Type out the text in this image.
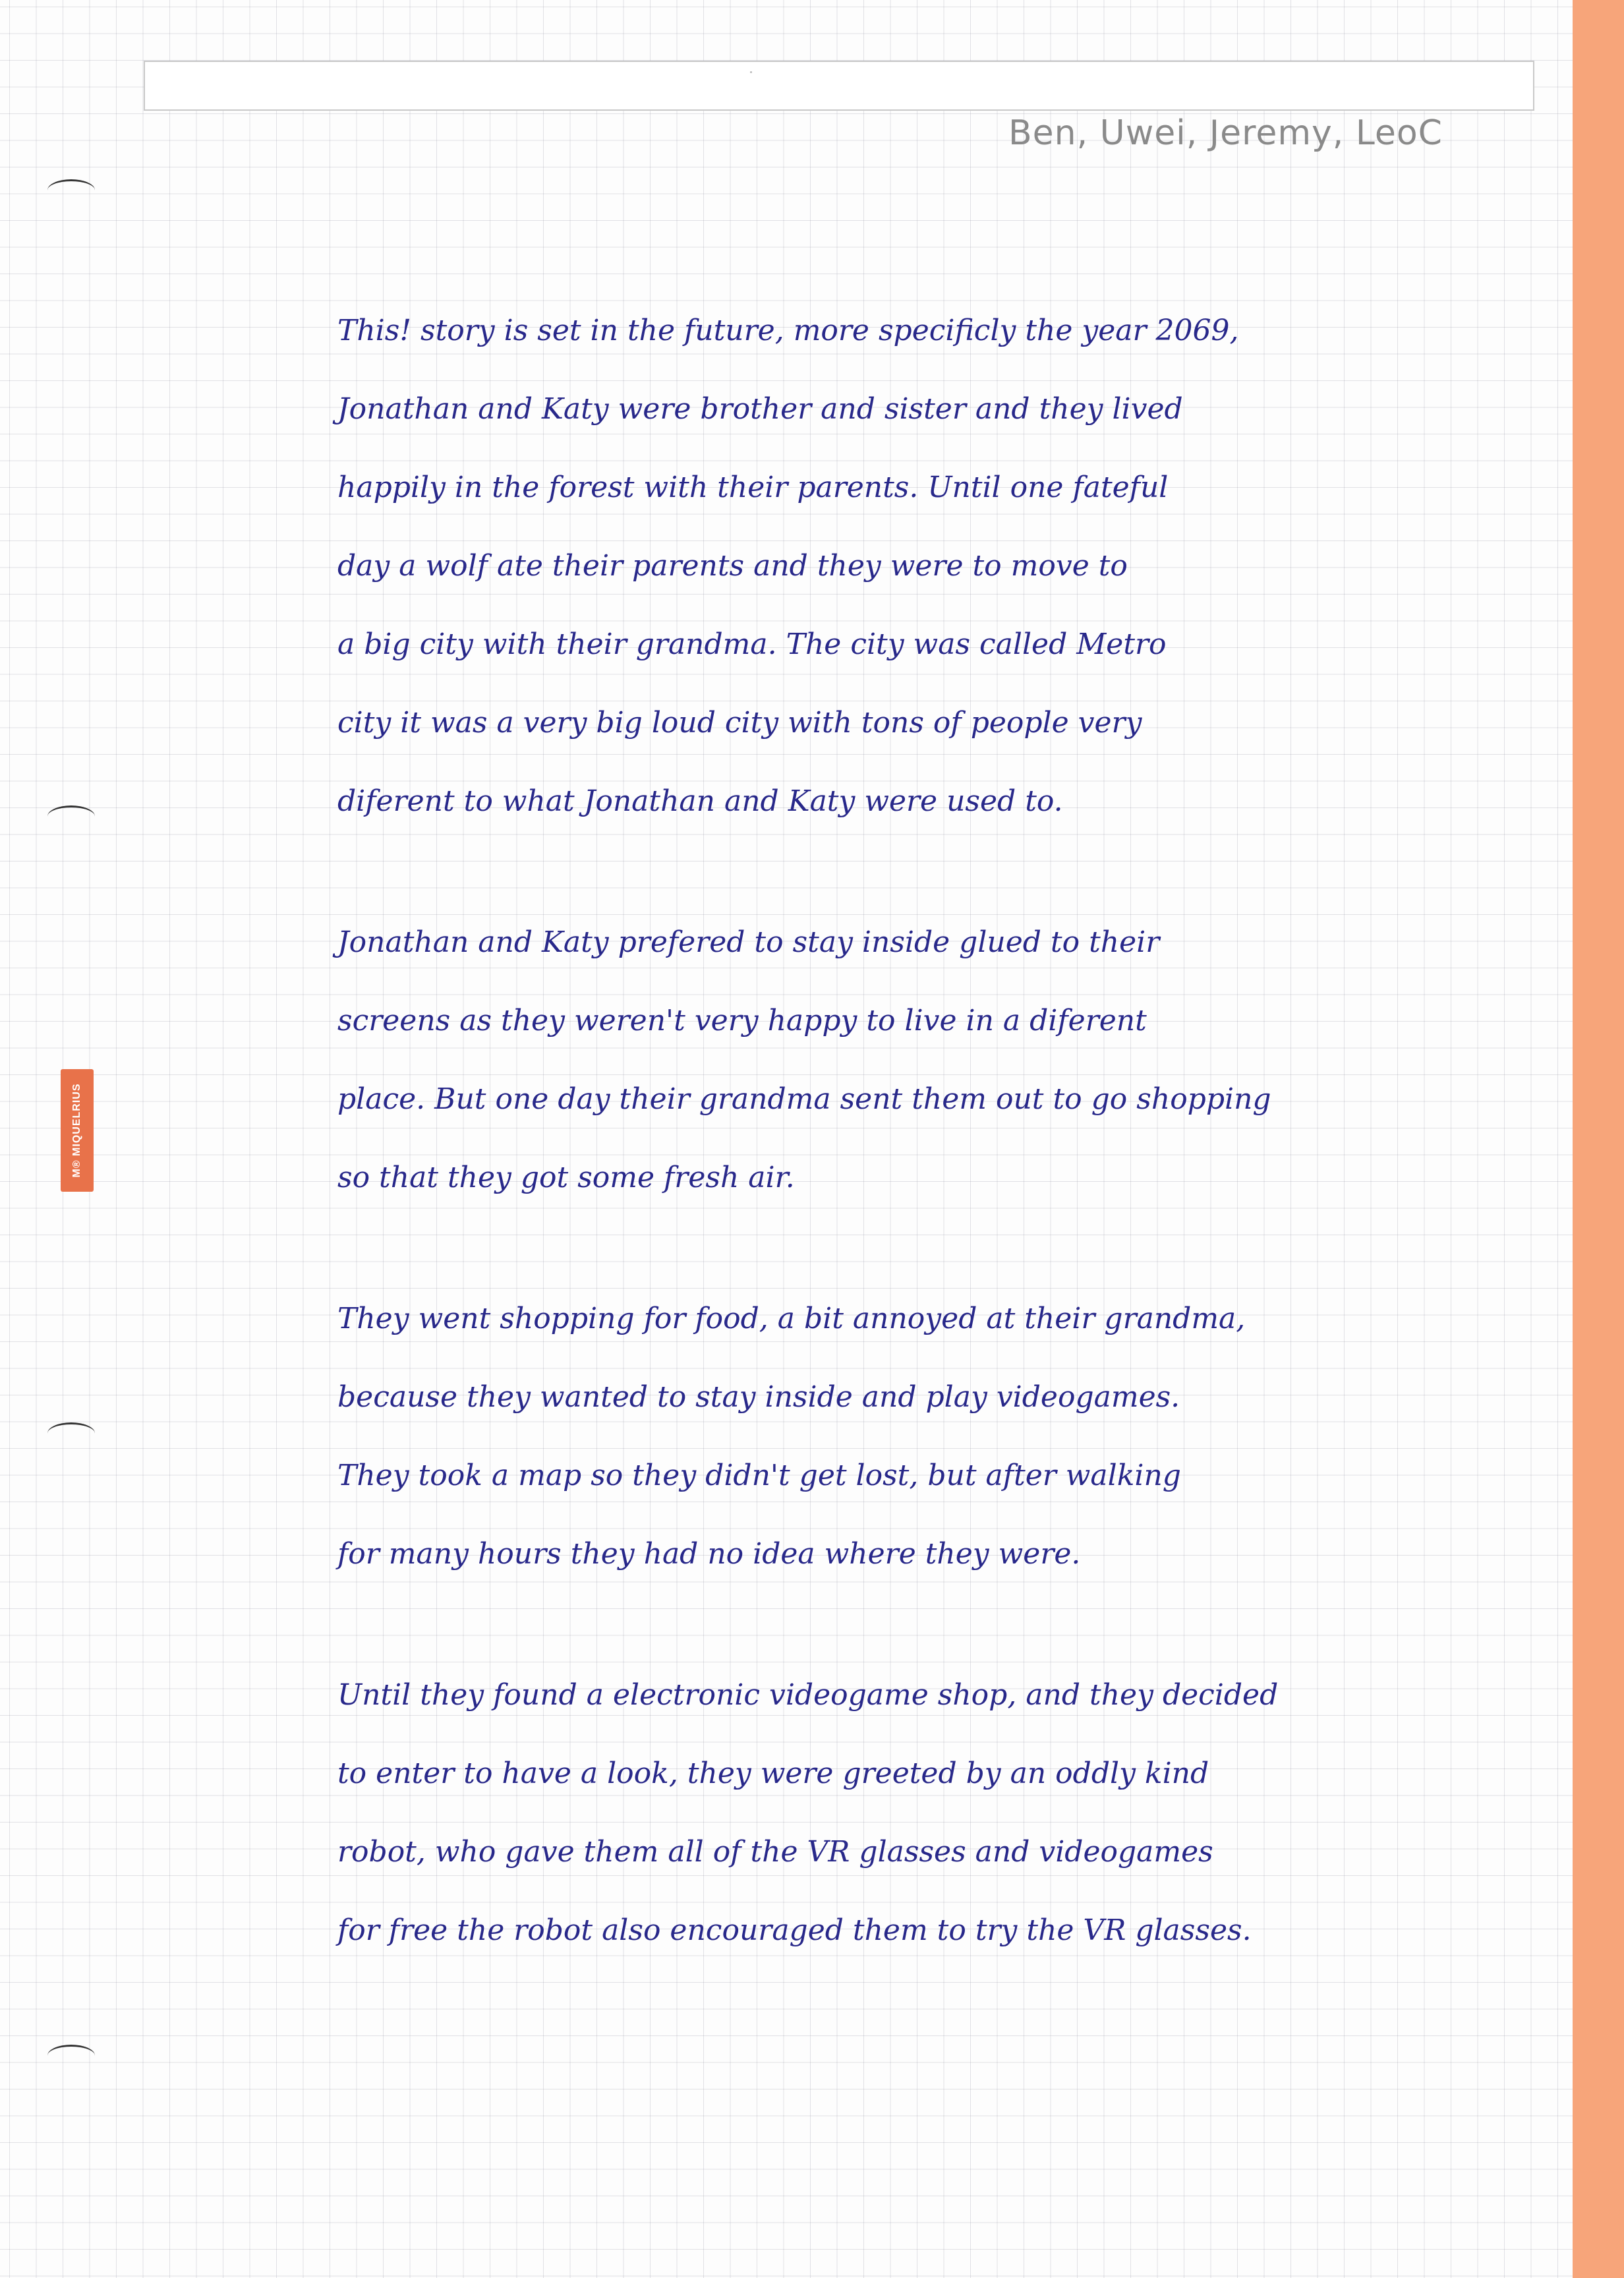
Ben, Uwei, Jeremy, LeoC
M® MIQUELRIUS
This! story is set in the future, more specificly the year 2069,
Jonathan and Katy were brother and sister and they lived
happily in the forest with their parents. Until one fateful
day a wolf ate their parents and they were to move to
a big city with their grandma. The city was called Metro
city it was a very big loud city with tons of people very
diferent to what Jonathan and Katy were used to.
Jonathan and Katy prefered to stay inside glued to their
screens as they weren't very happy to live in a diferent
place. But one day their grandma sent them out to go shopping
so that they got some fresh air.
They went shopping for food, a bit annoyed at their grandma,
because they wanted to stay inside and play videogames.
They took a map so they didn't get lost, but after walking
for many hours they had no idea where they were.
Until they found a electronic videogame shop, and they decided
to enter to have a look, they were greeted by an oddly kind
robot, who gave them all of the VR glasses and videogames
for free the robot also encouraged them to try the VR glasses.
